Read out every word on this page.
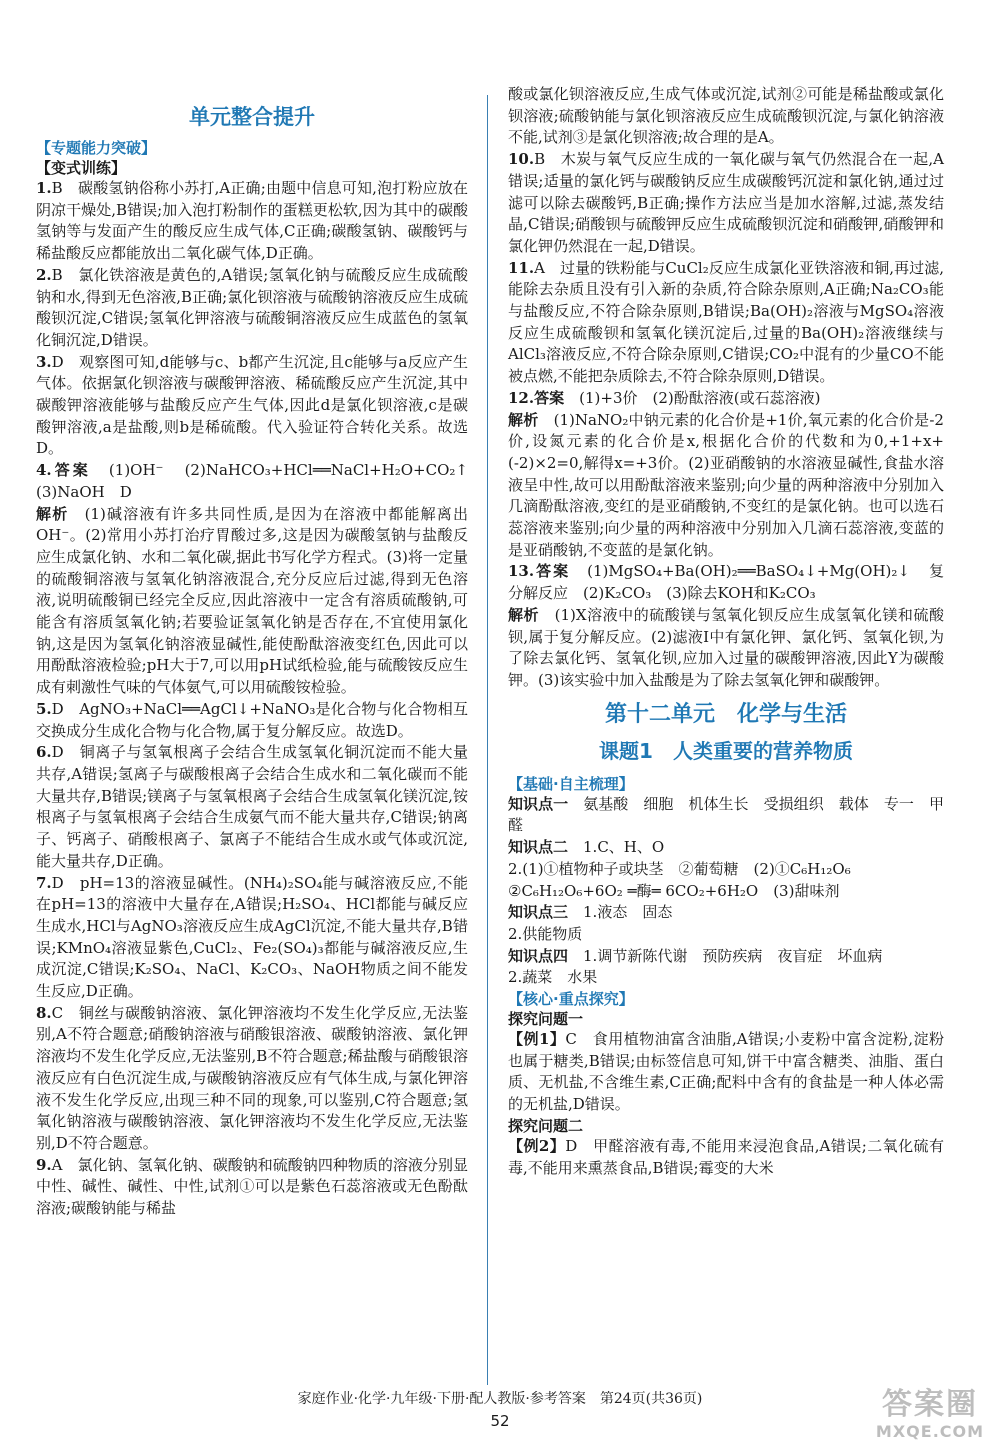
单元整合提升
【专题能力突破】
【变式训练】
1.B　碳酸氢钠俗称小苏打,A正确;由题中信息可知,泡打粉应放在阴凉干燥处,B错误;加入泡打粉制作的蛋糕更松软,因为其中的碳酸氢钠等与发面产生的酸反应生成气体,C正确;碳酸氢钠、碳酸钙与稀盐酸反应都能放出二氧化碳气体,D正确。
2.B　氯化铁溶液是黄色的,A错误;氢氧化钠与硫酸反应生成硫酸钠和水,得到无色溶液,B正确;氯化钡溶液与硫酸钠溶液反应生成硫酸钡沉淀,C错误;氢氧化钾溶液与硫酸铜溶液反应生成蓝色的氢氧化铜沉淀,D错误。
3.D　观察图可知,d能够与c、b都产生沉淀,且c能够与a反应产生气体。依据氯化钡溶液与碳酸钾溶液、稀硫酸反应产生沉淀,其中碳酸钾溶液能够与盐酸反应产生气体,因此d是氯化钡溶液,c是碳酸钾溶液,a是盐酸,则b是稀硫酸。代入验证符合转化关系。故选D。
4.答案　(1)OH⁻　(2)NaHCO₃+HCl══NaCl+H₂O+CO₂↑　(3)NaOH　D
解析　(1)碱溶液有许多共同性质,是因为在溶液中都能解离出OH⁻。(2)常用小苏打治疗胃酸过多,这是因为碳酸氢钠与盐酸反应生成氯化钠、水和二氧化碳,据此书写化学方程式。(3)将一定量的硫酸铜溶液与氢氧化钠溶液混合,充分反应后过滤,得到无色溶液,说明硫酸铜已经完全反应,因此溶液中一定含有溶质硫酸钠,可能含有溶质氢氧化钠;若要验证氢氧化钠是否存在,不宜使用氯化钠,这是因为氢氧化钠溶液显碱性,能使酚酞溶液变红色,因此可以用酚酞溶液检验;pH大于7,可以用pH试纸检验,能与硫酸铵反应生成有刺激性气味的气体氨气,可以用硫酸铵检验。
5.D　AgNO₃+NaCl══AgCl↓+NaNO₃是化合物与化合物相互交换成分生成化合物与化合物,属于复分解反应。故选D。
6.D　铜离子与氢氧根离子会结合生成氢氧化铜沉淀而不能大量共存,A错误;氢离子与碳酸根离子会结合生成水和二氧化碳而不能大量共存,B错误;镁离子与氢氧根离子会结合生成氢氧化镁沉淀,铵根离子与氢氧根离子会结合生成氨气而不能大量共存,C错误;钠离子、钙离子、硝酸根离子、氯离子不能结合生成水或气体或沉淀,能大量共存,D正确。
7.D　pH=13的溶液显碱性。(NH₄)₂SO₄能与碱溶液反应,不能在pH=13的溶液中大量存在,A错误;H₂SO₄、HCl都能与碱反应生成水,HCl与AgNO₃溶液反应生成AgCl沉淀,不能大量共存,B错误;KMnO₄溶液显紫色,CuCl₂、Fe₂(SO₄)₃都能与碱溶液反应,生成沉淀,C错误;K₂SO₄、NaCl、K₂CO₃、NaOH物质之间不能发生反应,D正确。
8.C　铜丝与碳酸钠溶液、氯化钾溶液均不发生化学反应,无法鉴别,A不符合题意;硝酸钠溶液与硝酸银溶液、碳酸钠溶液、氯化钾溶液均不发生化学反应,无法鉴别,B不符合题意;稀盐酸与硝酸银溶液反应有白色沉淀生成,与碳酸钠溶液反应有气体生成,与氯化钾溶液不发生化学反应,出现三种不同的现象,可以鉴别,C符合题意;氢氧化钠溶液与碳酸钠溶液、氯化钾溶液均不发生化学反应,无法鉴别,D不符合题意。
9.A　氯化钠、氢氧化钠、碳酸钠和硫酸钠四种物质的溶液分别显中性、碱性、碱性、中性,试剂①可以是紫色石蕊溶液或无色酚酞溶液;碳酸钠能与稀盐
酸或氯化钡溶液反应,生成气体或沉淀,试剂②可能是稀盐酸或氯化钡溶液;硫酸钠能与氯化钡溶液反应生成硫酸钡沉淀,与氯化钠溶液不能,试剂③是氯化钡溶液;故合理的是A。
10.B　木炭与氧气反应生成的一氧化碳与氧气仍然混合在一起,A错误;适量的氯化钙与碳酸钠反应生成碳酸钙沉淀和氯化钠,通过过滤可以除去碳酸钙,B正确;操作方法应当是加水溶解,过滤,蒸发结晶,C错误;硝酸钡与硫酸钾反应生成硫酸钡沉淀和硝酸钾,硝酸钾和氯化钾仍然混在一起,D错误。
11.A　过量的铁粉能与CuCl₂反应生成氯化亚铁溶液和铜,再过滤,能除去杂质且没有引入新的杂质,符合除杂原则,A正确;Na₂CO₃能与盐酸反应,不符合除杂原则,B错误;Ba(OH)₂溶液与MgSO₄溶液反应生成硫酸钡和氢氧化镁沉淀后,过量的Ba(OH)₂溶液继续与AlCl₃溶液反应,不符合除杂原则,C错误;CO₂中混有的少量CO不能被点燃,不能把杂质除去,不符合除杂原则,D错误。
12.答案　(1)+3价　(2)酚酞溶液(或石蕊溶液)
解析　(1)NaNO₂中钠元素的化合价是+1价,氧元素的化合价是-2价,设氮元素的化合价是x,根据化合价的代数和为0,+1+x+(-2)×2=0,解得x=+3价。(2)亚硝酸钠的水溶液显碱性,食盐水溶液呈中性,故可以用酚酞溶液来鉴别;向少量的两种溶液中分别加入几滴酚酞溶液,变红的是亚硝酸钠,不变红的是氯化钠。也可以选石蕊溶液来鉴别;向少量的两种溶液中分别加入几滴石蕊溶液,变蓝的是亚硝酸钠,不变蓝的是氯化钠。
13.答案　(1)MgSO₄+Ba(OH)₂══BaSO₄↓+Mg(OH)₂↓　复分解反应　(2)K₂CO₃　(3)除去KOH和K₂CO₃
解析　(1)X溶液中的硫酸镁与氢氧化钡反应生成氢氧化镁和硫酸钡,属于复分解反应。(2)滤液Ⅰ中有氯化钾、氯化钙、氢氧化钡,为了除去氯化钙、氢氧化钡,应加入过量的碳酸钾溶液,因此Y为碳酸钾。(3)该实验中加入盐酸是为了除去氢氧化钾和碳酸钾。
第十二单元　化学与生活
课题1　人类重要的营养物质
【基础·自主梳理】
知识点一　氨基酸　细胞　机体生长　受损组织　载体　专一　甲醛
知识点二　1.C、H、O
2.(1)①植物种子或块茎　②葡萄糖　(2)①C₆H₁₂O₆
②C₆H₁₂O₆+6O₂ ═酶═ 6CO₂+6H₂O　(3)甜味剂
知识点三　1.液态　固态
2.供能物质
知识点四　1.调节新陈代谢　预防疾病　夜盲症　坏血病
2.蔬菜　水果
【核心·重点探究】
探究问题一
【例1】C　食用植物油富含油脂,A错误;小麦粉中富含淀粉,淀粉也属于糖类,B错误;由标签信息可知,饼干中富含糖类、油脂、蛋白质、无机盐,不含维生素,C正确;配料中含有的食盐是一种人体必需的无机盐,D错误。
探究问题二
【例2】D　甲醛溶液有毒,不能用来浸泡食品,A错误;二氧化硫有毒,不能用来熏蒸食品,B错误;霉变的大米
家庭作业·化学·九年级·下册·配人教版·参考答案　第24页(共36页)
52	答案圈
MXQE.COM
